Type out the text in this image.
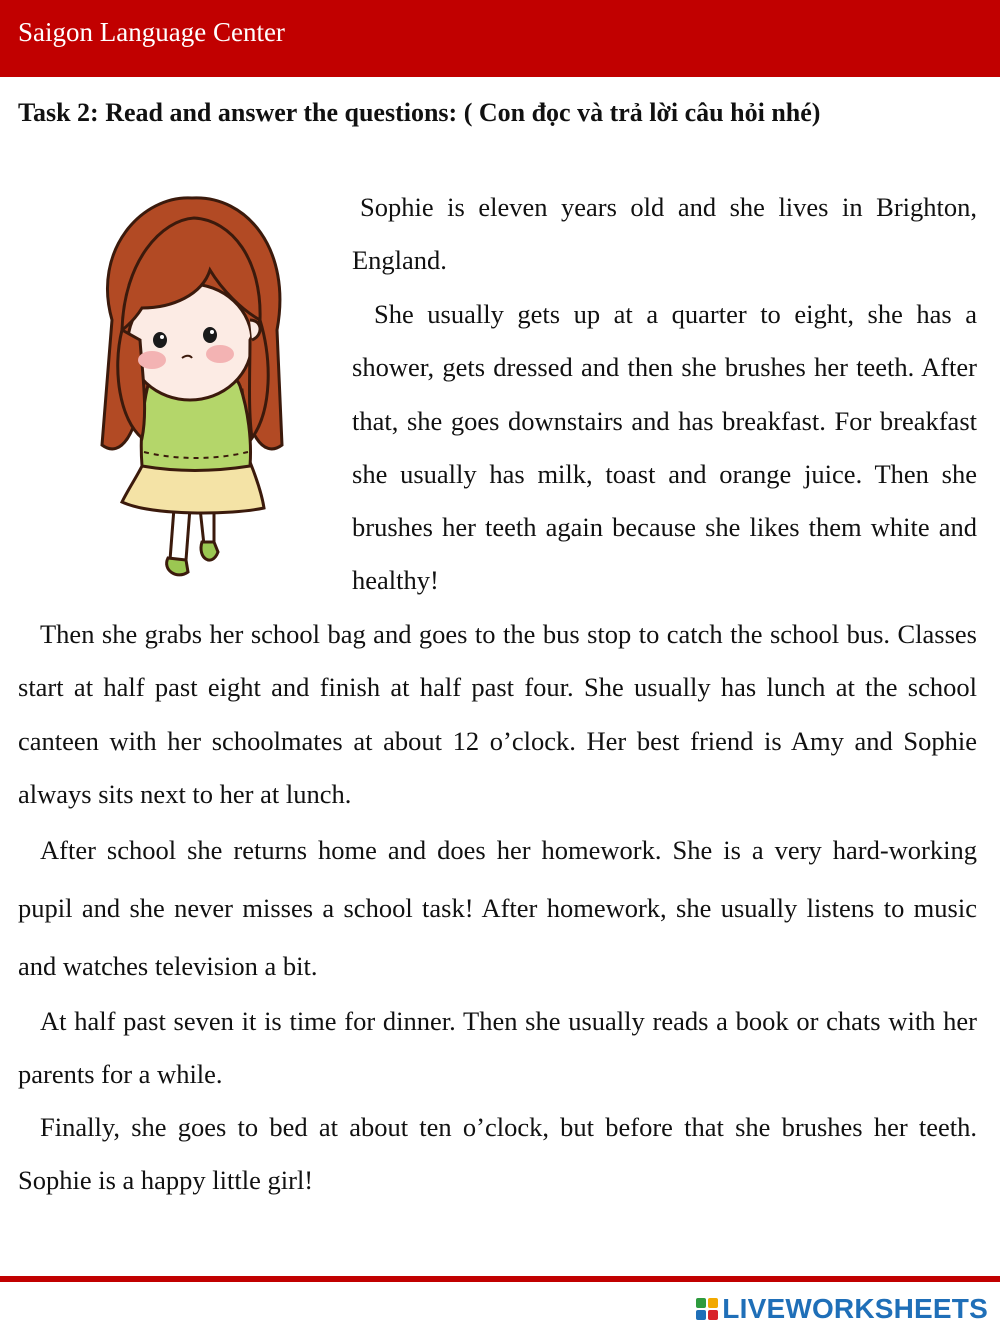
Saigon Language Center
Task 2: Read and answer the questions: ( Con đọc và trả lời câu hỏi nhé)
Sophie is eleven years old and she lives in Brighton, England.
She usually gets up at a quarter to eight, she has a shower, gets dressed and then she brushes her teeth. After that, she goes downstairs and has breakfast. For breakfast she usually has milk, toast and orange juice. Then she brushes her teeth again because she likes them white and healthy!
Then she grabs her school bag and goes to the bus stop to catch the school bus. Classes start at half past eight and finish at half past four. She usually has lunch at the school canteen with her schoolmates at about 12 o’clock. Her best friend is Amy and Sophie always sits next to her at lunch.
After school she returns home and does her homework. She is a very hard-working pupil and she never misses a school task! After homework, she usually listens to music and watches television a bit.
At half past seven it is time for dinner. Then she usually reads a book or chats with her parents for a while.
Finally, she goes to bed at about ten o’clock, but before that she brushes her teeth. Sophie is a happy little girl!
LIVEWORKSHEETS
